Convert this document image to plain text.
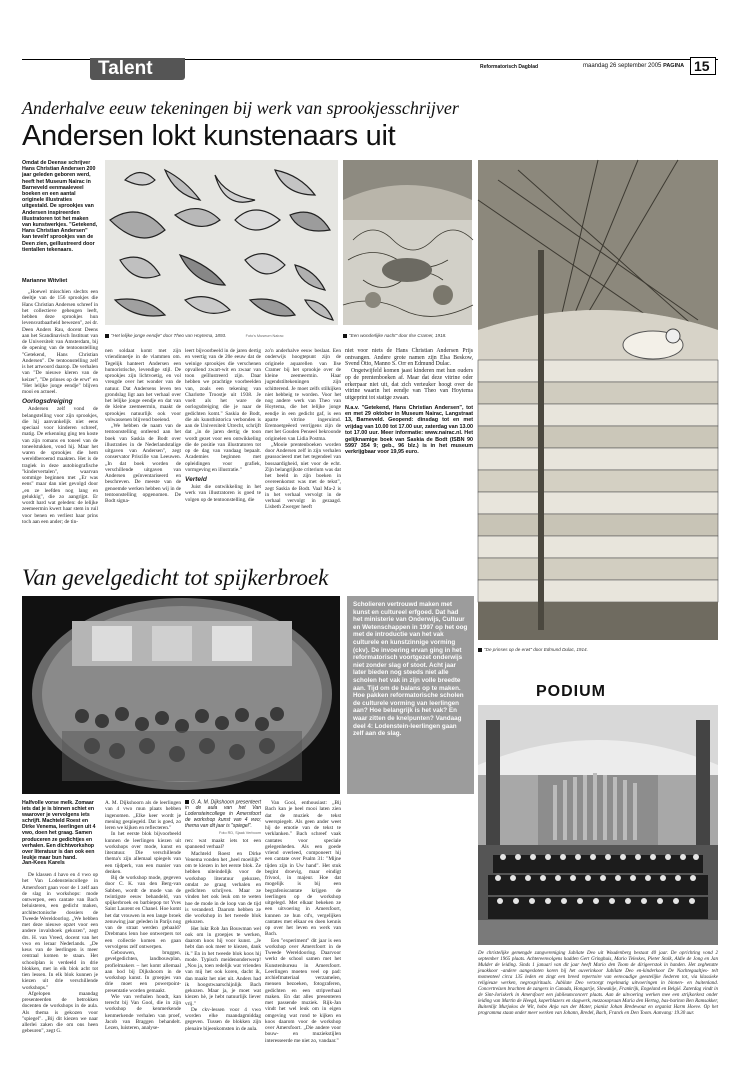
Talent	Reformatorisch Dagblad	maandag 26 september 2005 PAGINA 15
Anderhalve eeuw tekeningen bij werk van sprookjesschrijver
Andersen lokt kunstenaars uit
"Het lelijke jonge eendje" door Theo van Hoytema, 1893.	Foto's Museum Nairac	"Een wonderlijke nacht" door Ilse Cramer, 1918.
"De prinses op de erwt" door Edmund Dulac, 1914.
Omdat de Deense schrijver Hans Christian Andersen 200 jaar geleden geboren werd, heeft het Museum Nairac in Barneveld eenmaaleveel boeken en een aantal originele illustraties uitgestald. De sprookjes van Andersen inspireerden illustratoren tot het maken van kunstwerkjes. "Getekend, Hans Christian Andersen" kan tevelrf sprookjes van de Deen zien, geillustreerd door tientallen tekenaars.
Marianne Witvliet

„Hoewel misschien slechts een deeltje van de 156 sprookjes die Hans Christian Andersen schreef in het collectieve geheugen leeft, hebben deze sprookjes hun levensvatbaarheid bewezen", zei dr. Deen Anders Rau, docent Deens aan het Scandinavisch Instituut van de Universiteit van Amsterdam, bij de opening van de tentoonstelling "Getekend, Hans Christian Andersen". De tentoonstelling zelf is het artwoord daarop. De verhalen van "De nieuwe kleren van de keizer", "De prinses op de erwt" en "Het lelijke jonge eendje" blijven mooi en actueel.

Oorlogsdreiging

Andersen zelf vond de belangstelling voor zijn sprookjes, die hij aanvankelijk niet eens speciaal voor kinderen schreef, matig. De erkenning ging ten koste van zijn romans en toneel van de toneelstukken, vond hij. Maar het waren de sprookjes die hem wereldberoemd maakten. Het is de tragiek in deze autobiografische "kindervertalen", waarvan sommige beginnen met „Er was eens" maar dan niet gevolgd door „en ze leefden nog lang en gelukkig", die zo aangrijpt. Er wordt hard wat geleden: de lelijke zeemeermin kwert haar stem in ruil voor benen en verliest haar prins toch aan een ander; de tin-

nen soldaat komt met zijn vriendinnetje in de vlammen om. Tegelijk hanteert Andersen een humoristische, levendige stijl. De sprookjes zijn lichtvoetig, en vol vreugde over het wonder van de natuur. Dat Andersens leven ten grondslag ligt aan het verhaal over het lelijke jonge eendje en dat van de kleine zeemeermin, maakt de sprookjes natuurlijk ook voor volwassenen blijvend boeiend.

„We hebben de naam van de tentoonstelling ontleend aan het boek van Saskia de Bodt over illustraties in de Nederlandstalige uitgaven van Andersen", zegt conservator Priscille van Leeuwen. „In dat boek worden de verschillende uitgaven van Andersen geïnventariseerd en beschreven. De meeste van de genoemde werken hebben wij in de tentoonstelling opgenomen. De Bodt signa-

leert bijvoorbeeld in de jaren dertig en veertig van de 20e eeuw dat de weinige sprookjes die verschenen opvallend zwart-wit en zwaar van toon geïllustreerd zijn. Daar hebben we prachtige voorbeelden van, zoals een tekening van Charlotte Troostje uit 1938. Je voelt als het ware de oorlogsdreiging die je naar de gedichten komt." Saskia de Bodt, die als kunsthistorica verbonden is aan de Universiteit Utrecht, schrijft dat „in de jaren dertig de toon wordt gezet voor een ontwikkeling die de positie van illustratoren tot op de dag van vandaag bepaalt. Academies beginnen met opleidingen voor grafiek, vormgeving en illustratie."

Verteld

Juist die ontwikkeling in het werk van illustratoren is goed te volgen op de tentoonstelling, die

zo'n anderhalve eeuw beslaat. Een onderwijs hoogtepunt zijn de originele aquarellen van Ilse Cramer bij het sprookje over de kleine zeemeermin. Haar jugendstiltekeningen zijn schitterend. Je moet zelfs stilkijken niet hebbeig te worden. Voor het nog andere werk van Theo van Hoytema, die het lelijke jonge eendje in een gedicht gaf, is een aparte vitrine ingeruimd. Eremoetgeëerd verrijgens zijn de met het Gouden Penseel bekroonde originelen van Lidia Postma.

„Mooie prentenboeken worden door Andersen zelf in zijn verhalen geassocieerd met het tegendeel van bossaardigheid, niet voor de echt. Zijn belangrijkste criterium was dat het beeld in zijn boeken in overeenkomst was met de tekst", zegt Saskia de Bodt. Vaal Ma-2 is in het verhaal vervolgt in de verhaal vervolgt in gezaagd. Lisbeth Zwerger heeft

niet voor niets de Hans Christian Andersen Prijs ontvangen. Andere grote namen zijn Elsa Beskow, Svend Otto, Manno S. Orr en Edmund Dulac.

Ongetwijfeld komen jaast kinderen met hun ouders op de prentenboeken af. Maar dat deze vitrine oder erkerpaar niet uit, dat zich verteuker hoogt over de vitrine waarin het eendje van Theo van Hoytema uitgeprint tot statige zwaan.

N.a.v. "Getekend, Hans Christian Andersen", tot en met 29 oktober in Museum Nairac, Langstraat 13, Barneveld. Geopend: dinsdag tot en met vrijdag van 10.00 tot 17.00 uur, zaterdag van 13.00 tot 17.00 uur. Meer informatie: www.nairac.nl. Het gelijknamige boek van Saskia de Bodt (ISBN 90 5997 354 9; geb., 96 blz.) is in het museum verkrijgbaar voor 19,95 euro.

Van gevelgedicht tot spijkerbroek
Scholieren vertrouwd maken met kunst en cultureel erfgoed. Dat had het ministerie van Onderwijs, Cultuur en Wetenschappen in 1997 op het oog met de introductie van het vak culturele en kunstzinnige vorming (ckv). De invoering ervan ging in het reformatorisch voortgezet onderwijs niet zonder slag of stoot. Acht jaar later bieden nog steeds niet alle scholen het vak in zijn volle breedte aan. Tijd om de balans op te maken. Hoe pakken reformatorische scholen de culturele vorming van leerlingen aan? Hoe belangrijk is het vak? En waar zitten de knelpunten? Vandaag deel 4: Lodenstein-leerlingen gaan zelf aan de slag.
Halfvolle vorse melk. Zomaar iets dat je is binnen schiet en waarover je vervolgens iets schrijft. Machteld Roest en Dirke Venema, leerlingen uit 4 vwo, doen het graag. Samen produceren ze gedichtjes en verhalen. Een dichtworkshop over literatuur is dan ook een leukje maar bun hand.
Jan-Kees Karels

De klassen 4 havo en 4 vwo op het Van Lodensteincollege in Amersfoort gaan voor de 1 zelf aan de slag in workshops: mode ontwerpen, een cantate van Bach beluisteren, een gedicht maken, architectonische dossiers de Tweede Wereldoorlog. „We hebben met deze nieuwe opzet voor een andere invalshoek gekozen", zegt drs. H. van Vreed, docent van het vwo en leraar Nederlands. „De keus van de leerlingen is meer centraal komen te staan. Het schoolplan is verdeeld in drie blokken, met in elk blok acht tot tien lessen. In elk blok kunnen je kiezen uit drie verschillende workshops."

Afgelopen maandag presenteerden de betrokken docenten de workshops in de aula. Als thema is gekozen voor "spiegel". „Bij dit kiezen we naar allerlei zaken die om ons heen gebeuren", zegt G.

A. M. Dijkshoorn als de leerlingen van 4 vwo mun plaats hebben ingenomen. „Elke keer wordt je mening gespiegeld. Dat is goed, zo leren we kijken en reflecteren."

In het eerste blok bijvoorbeeld kunnen de leerlingen kiezen uit workshops over mode, kunst en literatuur. Die verschillende thema's zijn allemaal spiegels van een tijdperk, van een manier van denken.

Bij de workshop mode, gegeven door C. K. van den Berg-van Sabben, wordt de mode van de twintigste eeuw behandeld, van spijkerbroek en barbiepop tot Yves Saint Laurent en Chanel. Hoe komt het dat vrouwen in een lange broek zenuwing jaar geleden in Parijs nog van de straat werden gehaald? Drebmans lenn hoe ontwerpers tot een collectie komen en gaan vervolgens zelf ontwerpen.

Gebouwen, bruggen, gevelgedichten, landbouwplan, profielmakers – het komt allemaal aan bod bij Dijkshoorn in de workshop kunst. In groepjes van drie moet een powerpoint-presentatie worden gemaakt.

Wie van verhalen houdt, kan terecht bij Van Gool, die in zijn workshop de kenmerkende kenmerkende verhalen van proef, Jacob van Braggen behandelt. Lezen, luisteren, analyse-

G. A. M. Dijkshoorn presenteert in de aula van het Van Lodensteincollege in Amersfoort de workshop kunst van 4 vwo; thema van dit jaar is "spiegel".

Foto RD, Sjaak Verboom

ren: wat maakt iets tot een spannend verhaal?

Machteld Roest en Dirke Venema vonden het „heel moeilijk" om te kiezen in het eerste blok. Ze hebben uiteindelijk voor de workshop literatuur gekozen, omdat ze graag verhalen en gedichten schrijven. Maar ze vinden het ook leuk om te weten hoe de mode in de loop van de tijd is veranderd. Daarom hebben ze die workshop in het tweede blok gekozen.

Het lukt Rob Jan Bouwman wel ook om in groepjes te werken, daarom koos hij voor kunst. „Je hebt dan ook meer te kiezen, dank ik." En in het tweede blok koos hij mode. Typisch meidenonderwerp! „Nou ja, toen redelijk wat vrienden van mij het ook koren, dacht ik, dan maakt het niet uit. Anders had ik hoogstwaarschijnlijk Bach gekozen. Maar ja, je moet wat kiezen hè, je hebt natuurlijk liever vrij."

De ckv-lessen voor 4 vwo worden elke maandagmiddag gegeven. Tussen de blokken zijn plenaire bijeenkomsten in de aula.

Van Gool, enthousiast: „Bij Bach kan je heel mooi laten zien dat de muziek de tekst weerspiegelt. Als geen ander weet hij de emotie van de tekst te verklanken." Bach schreef vaak cantates voor speciale gelegenheden. Als een goede vriend overleed, componeert hij een cantate over Psalm 31: "Mijne tijden zijn in Uw hand". Het stuk begint droevig, maar eindigt frivool, in majeur. Hoe dat mogelijk is bij een begrafeniscantate krijgen de leerlingen op de workshop uitgelegd. Met elkaar bekeken ze een uitvoering in Amersfoort, kunnen ze hun cd's, vergelijken cantates met elkaar en doen kennis op over het leven en werk van Bach.

Een "experiment" dit jaar is een workshop over Amersfoort in de Tweede Wereldoorlog. Daarvoor werkt de school samen met het Kunstenbureau in Amersfoort. Leerlingen moeten veel op pad: archiefmateriaal verzamelen, mensen bezoeken, fotograferen, gedichten en een stripverhaal maken. En dat alles presenteren met passende muziek. Rijk-Jan vindt het wel leuk om in eigen omgeving wat rond te kijken en koos daarom voor de workshop over Amersfoort. „Die andere voor bouw- en muziekstijlen interesseerde me niet zo, vandaar."

PODIUM
De christelijke gemengde zangvereniging Jubilate Deo uit Woudenberg bestaat 40 jaar. De oprichting vond 2 september 1965 plaats. Achtereenvolgens hadden Gert Gringhuis, Mario Teleskes, Pieter Stolk, Aldie de Jong en Jan Mulder de leiding. Sinds 1 januari van dit jaar heeft Mario den Toom de dirigeerstok in handen. Het zeghetatte jeuokkoor -andere aangesloten koren bij het ouverinkoor Jubilate Deo en-kinderkoor De Nachtegaaltjes- telt momenteel circa 135 leden en zingt een breed repertoire van eenvoudige geestelijke liederen tot, via klassieke religieuze werken, negrospirituals. Jubilate Deo verzorgt regelmatig uitvoeringen in binnen- en buitenland. Concertreizen brachten de zangers in Canada, Hongarije, Slowakije, Frankrijk, Engeland en België. Zaterdag vindt in de Sint-Joriskerk in Amersfoort een jubileumconcert plaats. Aan de uitvoering werken mee een strijkorkest onder leiding van Martin de Heegd, koperblazers en slagwerk, mezzosopraan Maria den Hertog, bas-bariton Ben Ramsakker, Buitenlijt Murjokos de Wit, hobo Anja van der Mater, pianist Johan Bredewout en organist Harm Hoeve. Op het programma staan onder meer werken van Johann, Bredel, Bach, Franck en Den Toom. Aanvang: 19.30 uur.
